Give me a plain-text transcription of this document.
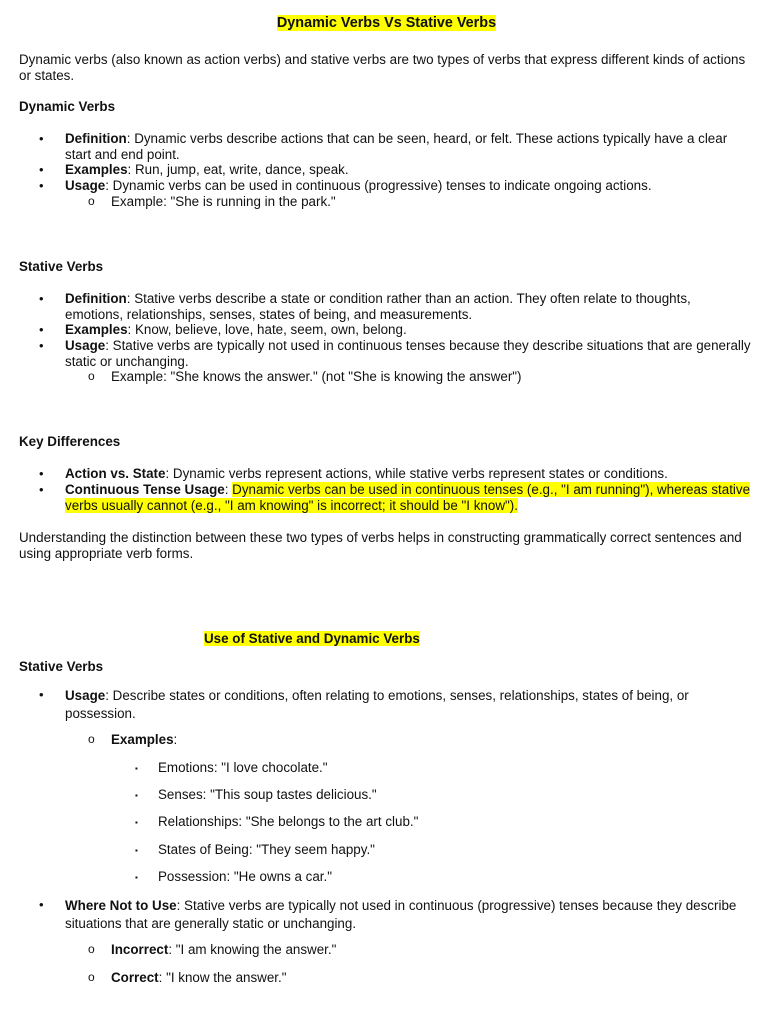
Dynamic Verbs Vs Stative Verbs
Dynamic verbs (also known as action verbs) and stative verbs are two types of verbs that express different kinds of actions or states.
Dynamic Verbs
•	Definition: Dynamic verbs describe actions that can be seen, heard, or felt. These actions typically have a clear start and end point.
•	Examples: Run, jump, eat, write, dance, speak.
•	Usage: Dynamic verbs can be used in continuous (progressive) tenses to indicate ongoing actions.
o	Example: "She is running in the park."
Stative Verbs
•	Definition: Stative verbs describe a state or condition rather than an action. They often relate to thoughts, emotions, relationships, senses, states of being, and measurements.
•	Examples: Know, believe, love, hate, seem, own, belong.
•	Usage: Stative verbs are typically not used in continuous tenses because they describe situations that are generally static or unchanging.
o	Example: "She knows the answer." (not "She is knowing the answer")
Key Differences
•	Action vs. State: Dynamic verbs represent actions, while stative verbs represent states or conditions.
•	Continuous Tense Usage: Dynamic verbs can be used in continuous tenses (e.g., "I am running"), whereas stative verbs usually cannot (e.g., "I am knowing" is incorrect; it should be "I know").
Understanding the distinction between these two types of verbs helps in constructing grammatically correct sentences and using appropriate verb forms.
Use of Stative and Dynamic Verbs
Stative Verbs
•	Usage: Describe states or conditions, often relating to emotions, senses, relationships, states of being, or possession.
o	Examples:
▪	Emotions: "I love chocolate."
▪	Senses: "This soup tastes delicious."
▪	Relationships: "She belongs to the art club."
▪	States of Being: "They seem happy."
▪	Possession: "He owns a car."
•	Where Not to Use: Stative verbs are typically not used in continuous (progressive) tenses because they describe situations that are generally static or unchanging.
o	Incorrect: "I am knowing the answer."
o	Correct: "I know the answer."
